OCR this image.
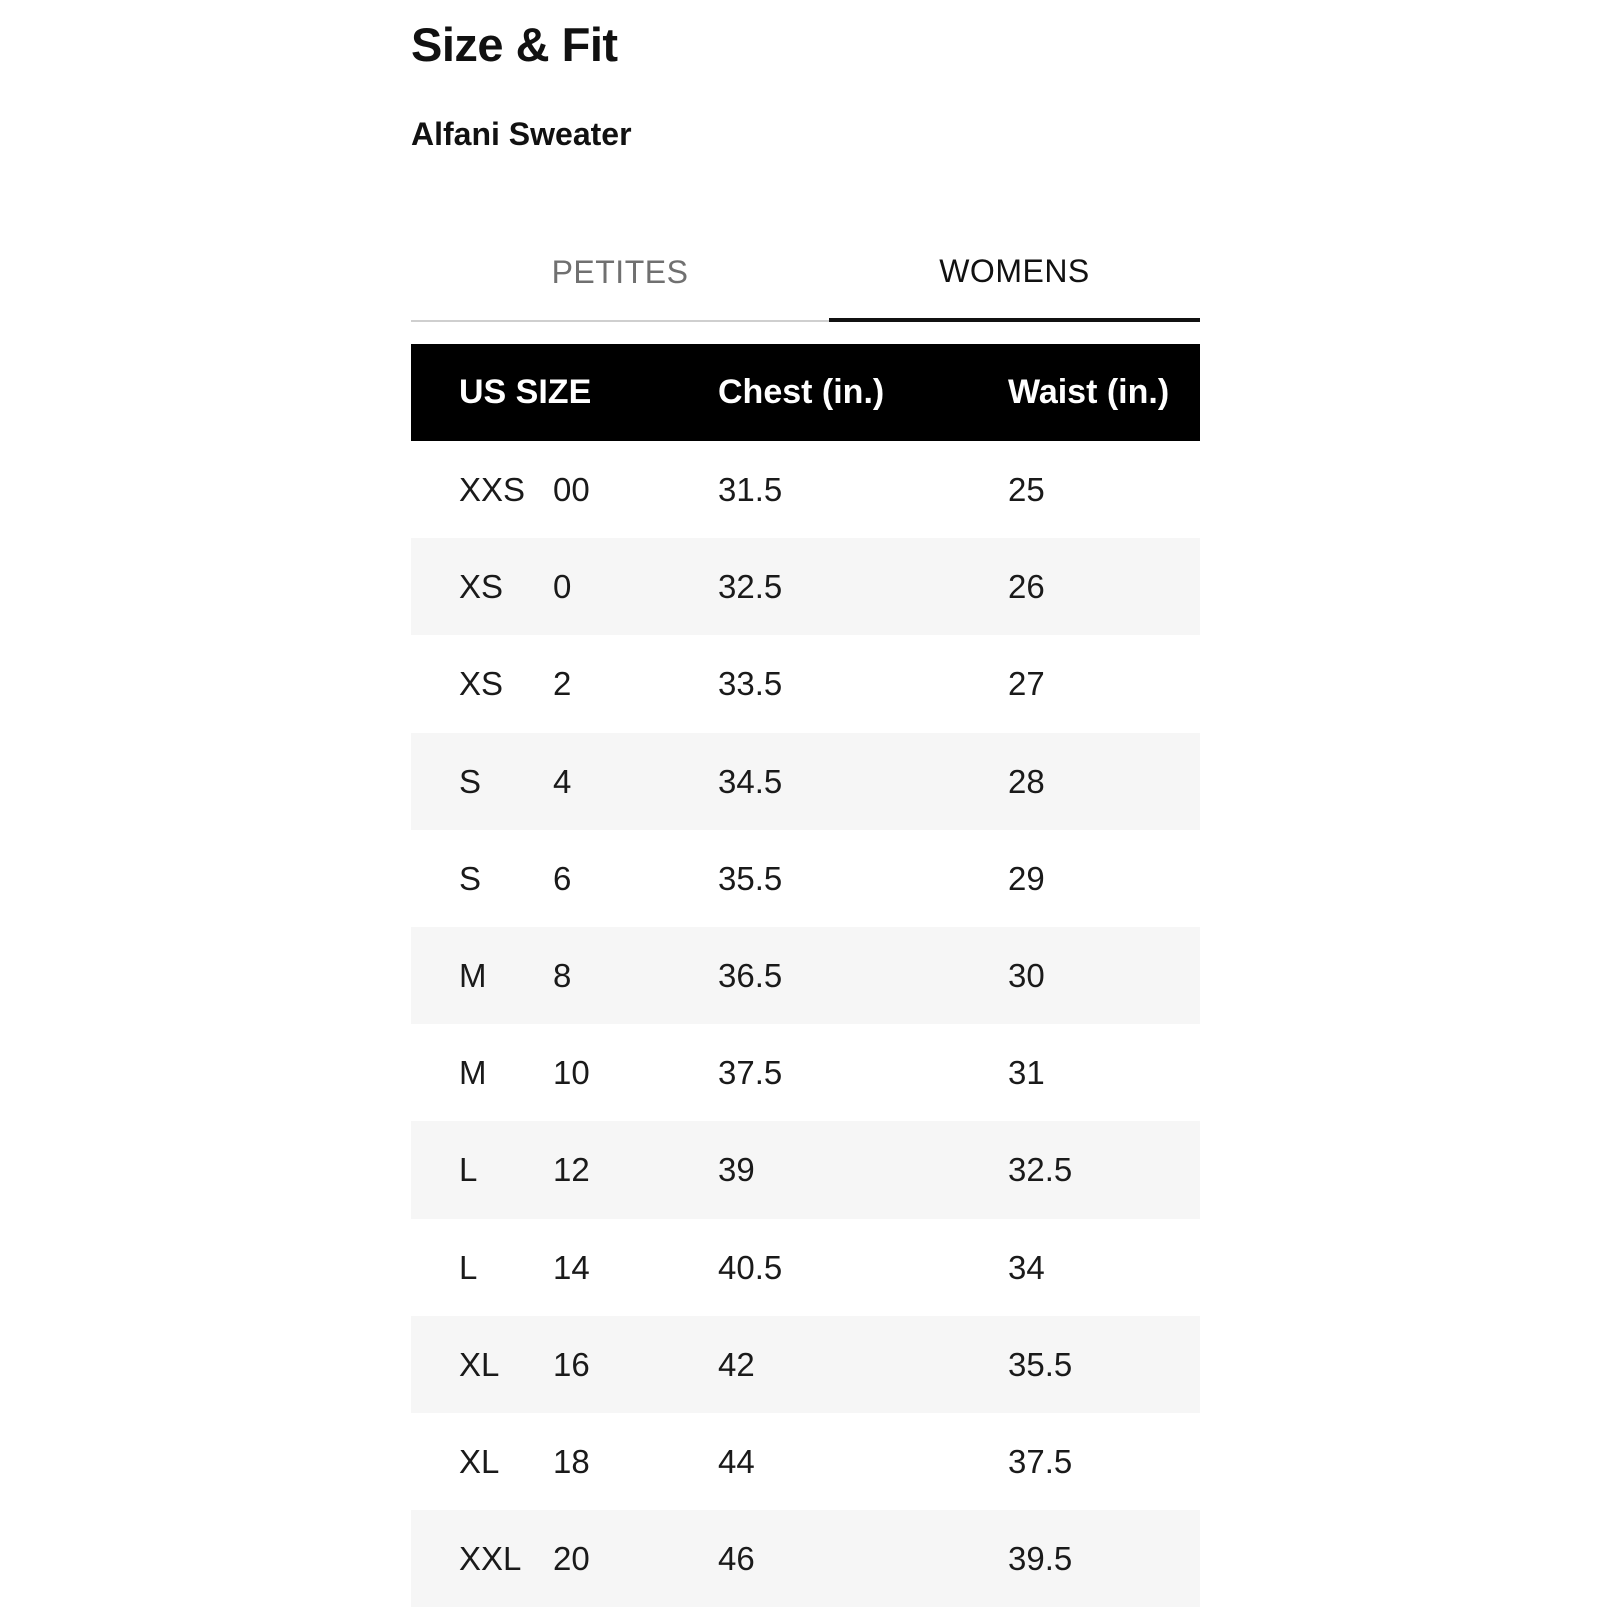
Size & Fit
Alfani Sweater
PETITES	WOMENS
US SIZE	Chest (in.)	Waist (in.)
XXS 00	31.5	25
XS 0	32.5	26
XS 2	33.5	27
S 4	34.5	28
S 6	35.5	29
M 8	36.5	30
M 10	37.5	31
L 12	39	32.5
L 14	40.5	34
XL 16	42	35.5
XL 18	44	37.5
XXL 20	46	39.5
